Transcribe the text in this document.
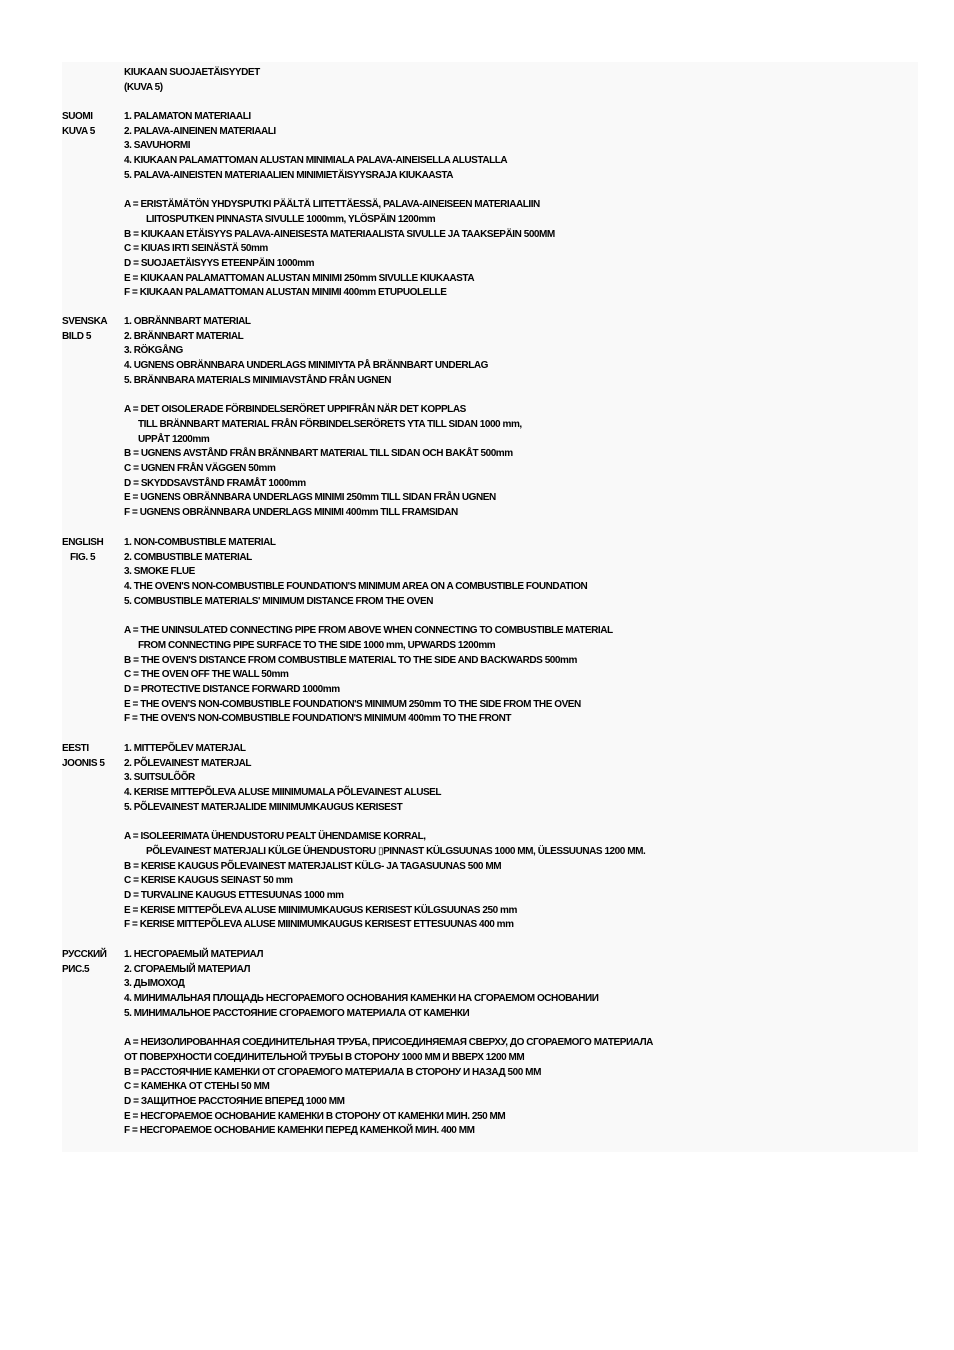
KIUKAAN SUOJAETÄISYYDET
(KUVA 5)
SUOMI
KUVA 5
1. PALAMATON MATERIAALI
2. PALAVA-AINEINEN MATERIAALI
3. SAVUHORMI
4. KIUKAAN PALAMATTOMAN ALUSTAN MINIMIALA PALAVA-AINEISELLA ALUSTALLA
5. PALAVA-AINEISTEN MATERIAALIEN MINIMIETÄISYYSRAJA KIUKAASTA
A = ERISTÄMÄTÖN YHDYSPUTKI PÄÄLTÄ LIITETTÄESSÄ, PALAVA-AINEISEEN MATERIAALIIN
LIITOSPUTKEN PINNASTA SIVULLE 1000mm, YLÖSPÄIN 1200mm
B = KIUKAAN ETÄISYYS PALAVA-AINEISESTA MATERIAALISTA SIVULLE JA TAAKSEPÄIN 500MM
C = KIUAS IRTI SEINÄSTÄ 50mm
D = SUOJAETÄISYYS ETEENPÄIN 1000mm
E = KIUKAAN PALAMATTOMAN ALUSTAN MINIMI 250mm SIVULLE KIUKAASTA
F = KIUKAAN PALAMATTOMAN ALUSTAN MINIMI 400mm ETUPUOLELLE
SVENSKA
BILD 5
1. OBRÄNNBART MATERIAL
2. BRÄNNBART MATERIAL
3. RÖKGÅNG
4. UGNENS OBRÄNNBARA UNDERLAGS MINIMIYTA PÅ BRÄNNBART UNDERLAG
5. BRÄNNBARA MATERIALS MINIMIAVSTÅND FRÅN UGNEN
A = DET OISOLERADE FÖRBINDELSERÖRET UPPIFRÅN NÄR DET KOPPLAS
TILL BRÄNNBART MATERIAL FRÅN FÖRBINDELSERÖRETS YTA TILL SIDAN 1000 mm,
UPPÅT 1200mm
B = UGNENS AVSTÅND FRÅN BRÄNNBART MATERIAL TILL SIDAN OCH BAKÅT 500mm
C = UGNEN FRÅN VÄGGEN 50mm
D = SKYDDSAVSTÅND FRAMÅT 1000mm
E = UGNENS OBRÄNNBARA UNDERLAGS MINIMI 250mm TILL SIDAN FRÅN UGNEN
F = UGNENS OBRÄNNBARA UNDERLAGS MINIMI 400mm TILL FRAMSIDAN
ENGLISH
FIG. 5
1. NON-COMBUSTIBLE MATERIAL
2. COMBUSTIBLE MATERIAL
3. SMOKE FLUE
4. THE OVEN'S NON-COMBUSTIBLE FOUNDATION'S MINIMUM AREA ON A COMBUSTIBLE FOUNDATION
5. COMBUSTIBLE MATERIALS' MINIMUM DISTANCE FROM THE OVEN
A = THE UNINSULATED CONNECTING PIPE FROM ABOVE WHEN CONNECTING TO COMBUSTIBLE MATERIAL
FROM CONNECTING PIPE SURFACE TO THE SIDE 1000 mm, UPWARDS 1200mm
B = THE OVEN'S DISTANCE FROM COMBUSTIBLE MATERIAL TO THE SIDE AND BACKWARDS 500mm
C = THE OVEN OFF THE WALL 50mm
D = PROTECTIVE DISTANCE FORWARD 1000mm
E = THE OVEN'S NON-COMBUSTIBLE FOUNDATION'S MINIMUM 250mm TO THE SIDE FROM THE OVEN
F = THE OVEN'S NON-COMBUSTIBLE FOUNDATION'S MINIMUM 400mm TO THE FRONT
EESTI
JOONIS 5
1. MITTEPÕLEV MATERJAL
2. PÕLEVAINEST MATERJAL
3. SUITSULÕÕR
4. KERISE MITTEPÕLEVA ALUSE MIINIMUMALA PÕLEVAINEST ALUSEL
5. PÕLEVAINEST MATERJALIDE MIINIMUMKAUGUS KERISEST
A = ISOLEERIMATA ÜHENDUSTORU PEALT ÜHENDAMISE KORRAL,
PÕLEVAINEST MATERJALI KÜLGE ÜHENDUSTORU ▯PINNAST KÜLGSUUNAS 1000 MM, ÜLESSUUNAS 1200 MM.
B = KERISE KAUGUS PÕLEVAINEST MATERJALIST KÜLG- JA TAGASUUNAS 500 MM
C = KERISE KAUGUS SEINAST 50 mm
D = TURVALINE KAUGUS ETTESUUNAS 1000 mm
E = KERISE MITTEPÕLEVA ALUSE MIINIMUMKAUGUS KERISEST KÜLGSUUNAS 250 mm
F = KERISE MITTEPÕLEVA ALUSE MIINIMUMKAUGUS KERISEST ETTESUUNAS 400 mm
РУССКИЙ
РИС.5
1. НЕСГОРАЕМЫЙ МАТЕРИАЛ
2. СГОРАЕМЫЙ МАТЕРИАЛ
3. ДЫМОХОД
4. МИНИМАЛЬНАЯ ПЛОЩАДЬ НЕСГОРАЕМОГО ОСНОВАНИЯ КАМЕНКИ НА СГОРАЕМОМ ОСНОВАНИИ
5. МИНИМАЛЬНОЕ РАССТОЯНИЕ СГОРАЕМОГО МАТЕРИАЛА ОТ КАМЕНКИ
A = НЕИЗОЛИРОВАННАЯ СОЕДИНИТЕЛЬНАЯ ТРУБА, ПРИСОЕДИНЯЕМАЯ СВЕРХУ, ДО СГОРАЕМОГО МАТЕРИАЛА
ОТ ПОВЕРХНОСТИ СОЕДИНИТЕЛЬНОЙ ТРУБЫ В СТОРОНУ 1000 ММ И ВВЕРХ 1200 ММ
B = РАССТОЯЧНИЕ КАМЕНКИ ОТ СГОРАЕМОГО МАТЕРИАЛА В СТОРОНУ И НАЗАД 500 ММ
C = КАМЕНКА ОТ СТЕНЫ 50 ММ
D = ЗАЩИТНОЕ РАССТОЯНИЕ ВПЕРЕД 1000 ММ
E = НЕСГОРАЕМОЕ ОСНОВАНИЕ КАМЕНКИ В СТОРОНУ ОТ КАМЕНКИ МИН. 250 ММ
F = НЕСГОРАЕМОЕ ОСНОВАНИЕ КАМЕНКИ ПЕРЕД КАМЕНКОЙ МИН. 400 ММ
